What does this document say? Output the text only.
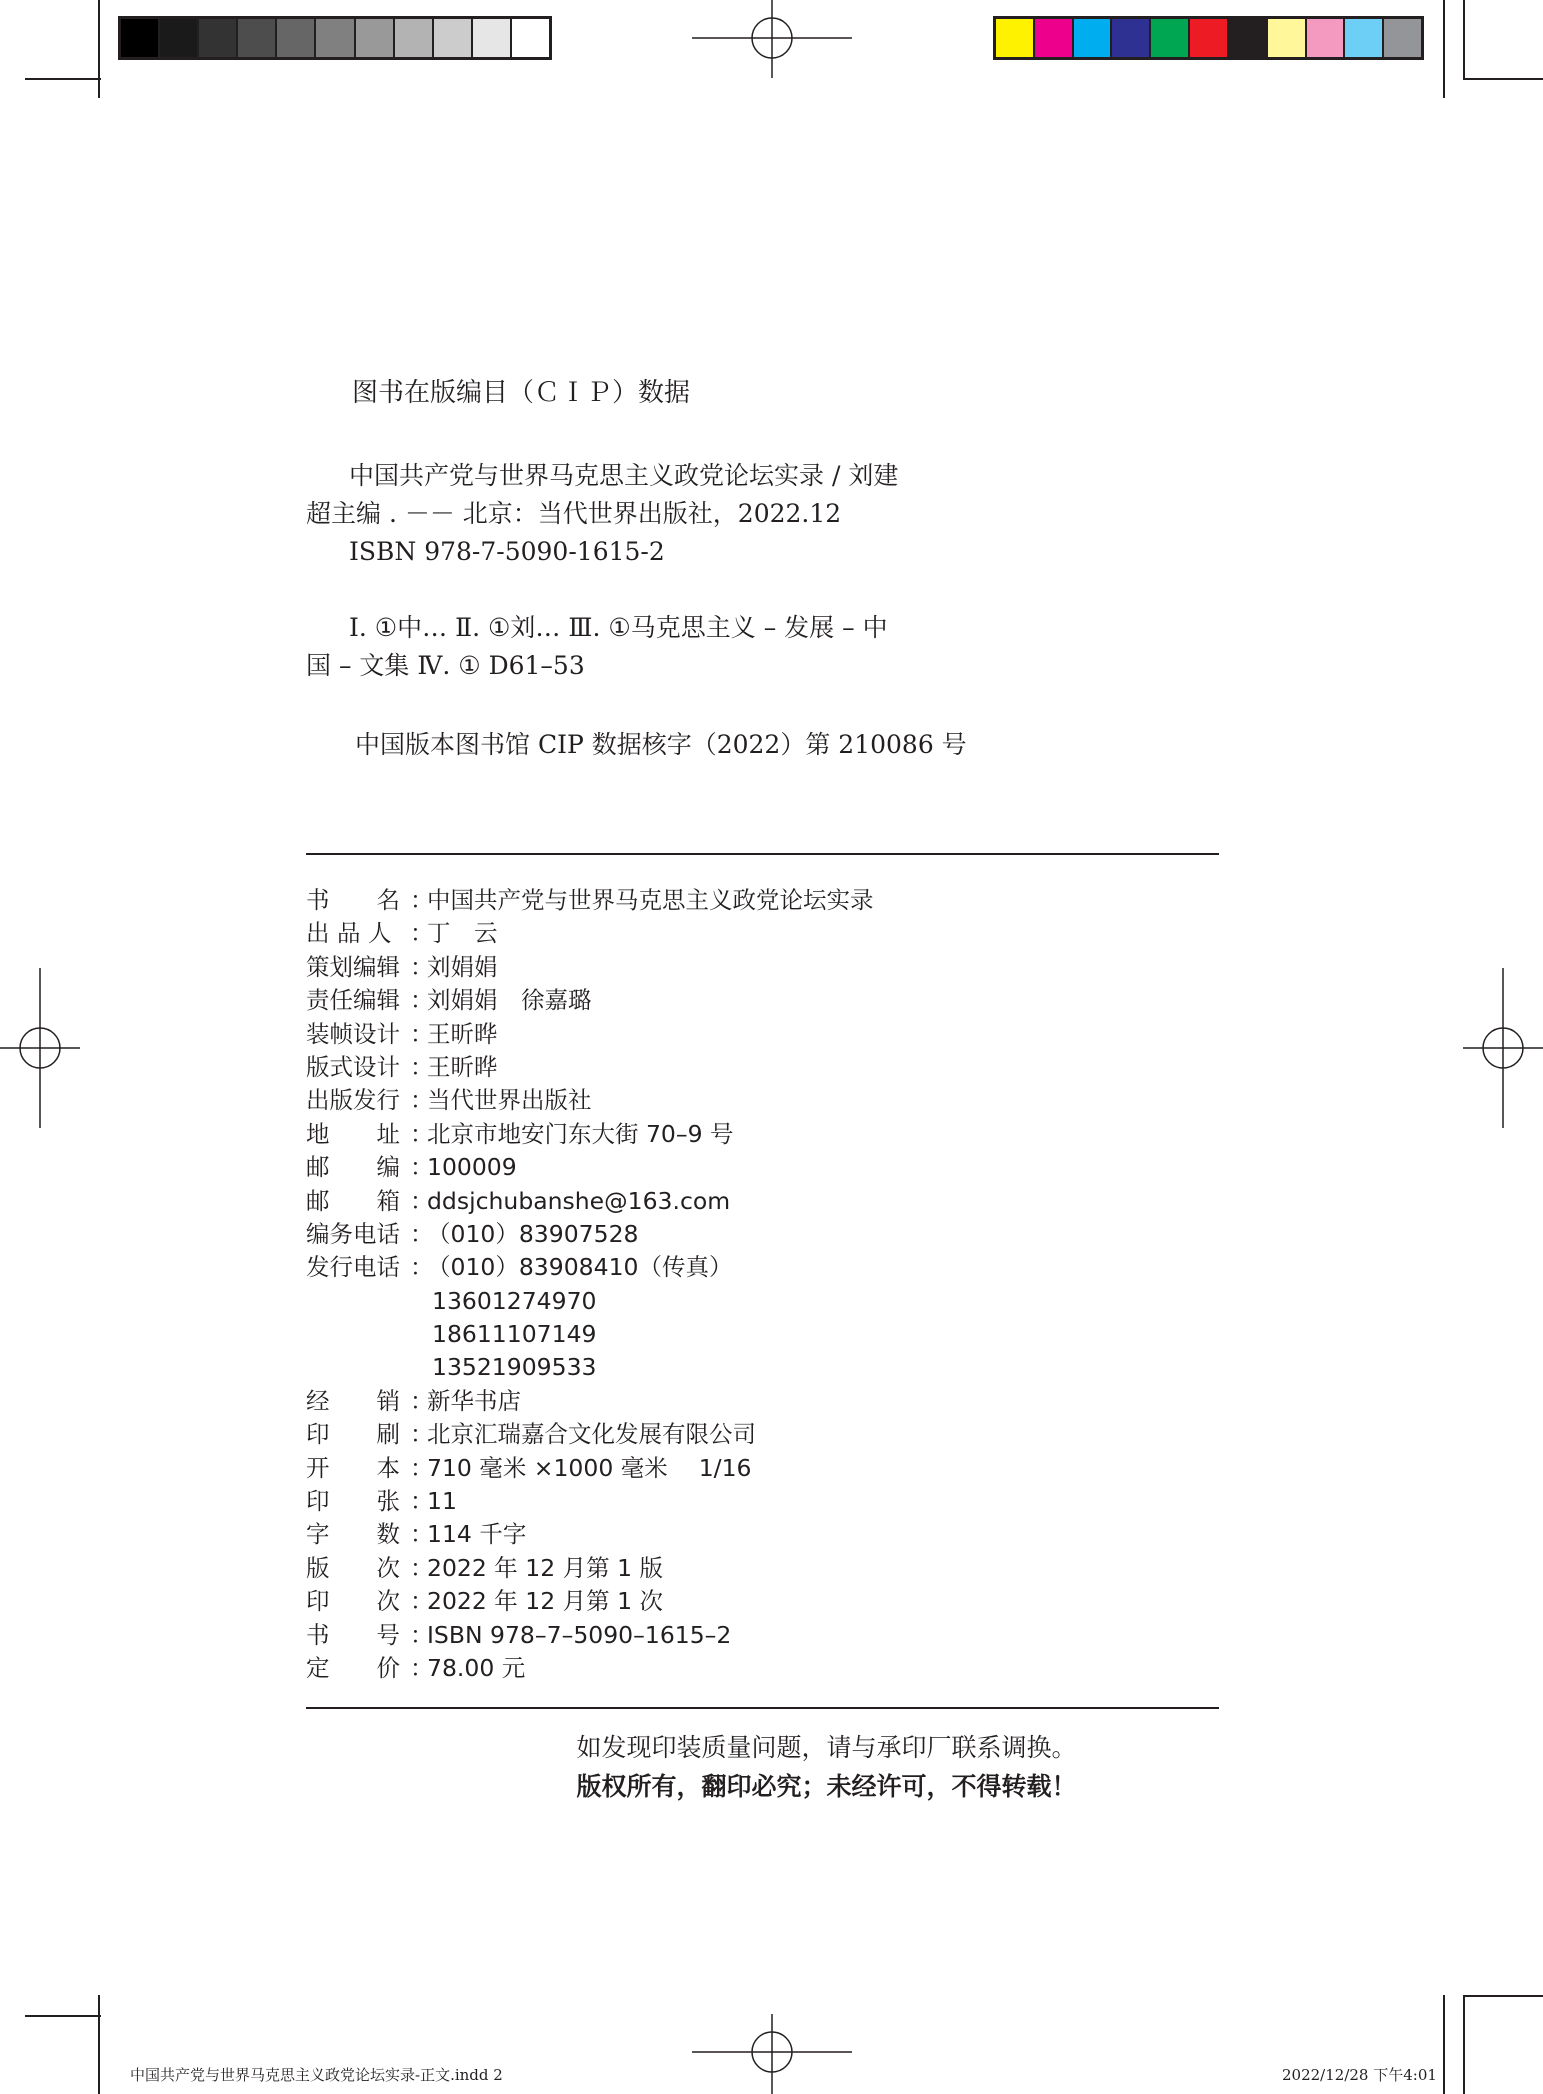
图书在版编目（ＣＩＰ）数据
中国共产党与世界马克思主义政党论坛实录 / 刘建
超主编 . －－ 北京：当代世界出版社，2022.12
ISBN 978-7-5090-1615-2
Ⅰ. ①中… Ⅱ. ①刘… Ⅲ. ①马克思主义 – 发展 – 中
国 – 文集 Ⅳ. ① D61–53
中国版本图书馆 CIP 数据核字（2022）第 210086 号
书　　名 ：
中国共产党与世界马克思主义政党论坛实录
出 品 人 ：
丁　云
策划编辑 ：
刘娟娟
责任编辑 ：
刘娟娟　徐嘉璐
装帧设计 ：
王昕晔
版式设计 ：
王昕晔
出版发行 ：
当代世界出版社
地　　址 ：
北京市地安门东大街 70–9 号
邮　　编 ：
100009
邮　　箱 ：
ddsjchubanshe@163.com
编务电话 ：
（010）83907528
发行电话 ：
（010）83908410（传真）
13601274970
18611107149
13521909533
经　　销 ：
新华书店
印　　刷 ：
北京汇瑞嘉合文化发展有限公司
开　　本 ：
710 毫米 ×1000 毫米　 1/16
印　　张 ：
11
字　　数 ：
114 千字
版　　次 ：
2022 年 12 月第 1 版
印　　次 ：
2022 年 12 月第 1 次
书　　号 ：
ISBN 978–7–5090–1615–2
定　　价 ：
78.00 元
如发现印装质量问题，请与承印厂联系调换。
版权所有，翻印必究；未经许可，不得转载！
中国共产党与世界马克思主义政党论坛实录-正文.indd 2	2022/12/28 下午4:01
